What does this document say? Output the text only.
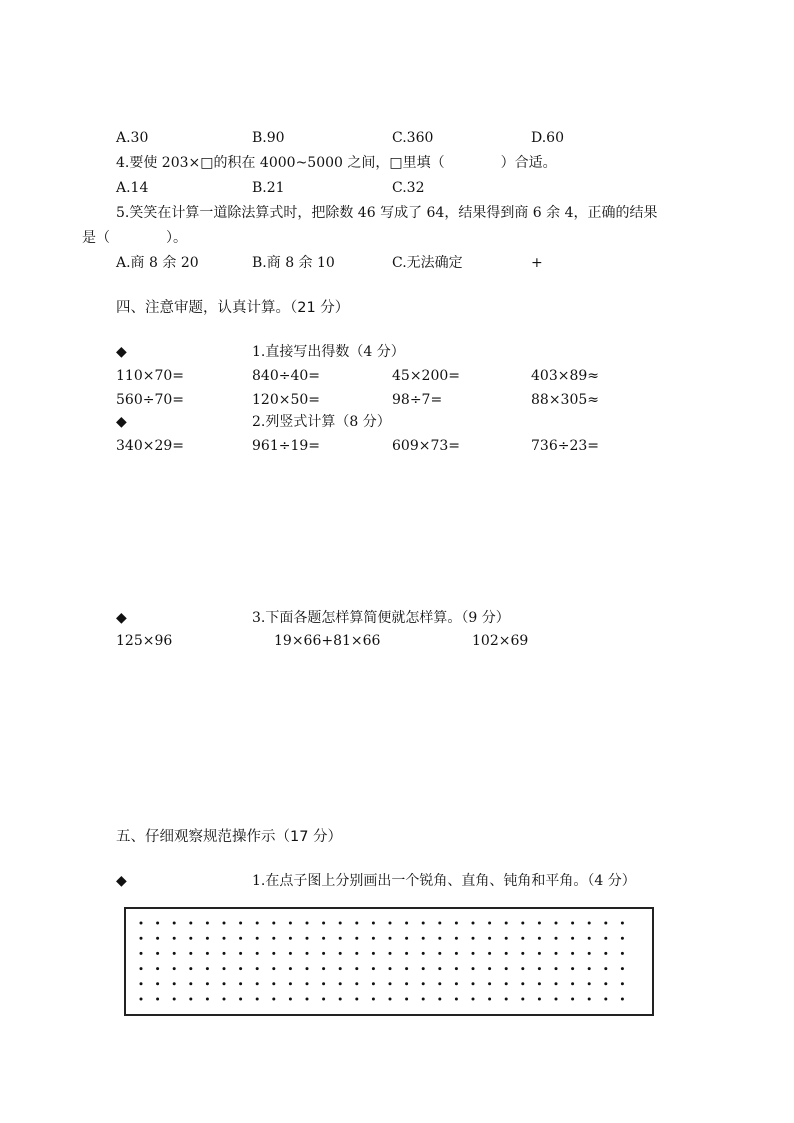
A.30	B.90	C.360	D.60
4.要使 203×□的积在 4000~5000 之间，□里填（　　　　）合适。
A.14	B.21	C.32
5.笑笑在计算一道除法算式时，把除数 46 写成了 64，结果得到商 6 余 4，正确的结果
是（　　　　）。
A.商 8 余 20	B.商 8 余 10	C.无法确定	+
四、注意审题，认真计算。（21 分）
◆	1.直接写出得数（4 分）
110×70=	840÷40=	45×200=	403×89≈
560÷70=	120×50=	98÷7=	88×305≈
◆	2.列竖式计算（8 分）
340×29=	961÷19=	609×73=	736÷23=
◆	3.下面各题怎样算简便就怎样算。（9 分）
125×96	19×66+81×66	102×69
五、仔细观察规范操作示（17 分）
◆	1.在点子图上分别画出一个锐角、直角、钝角和平角。（4 分）
